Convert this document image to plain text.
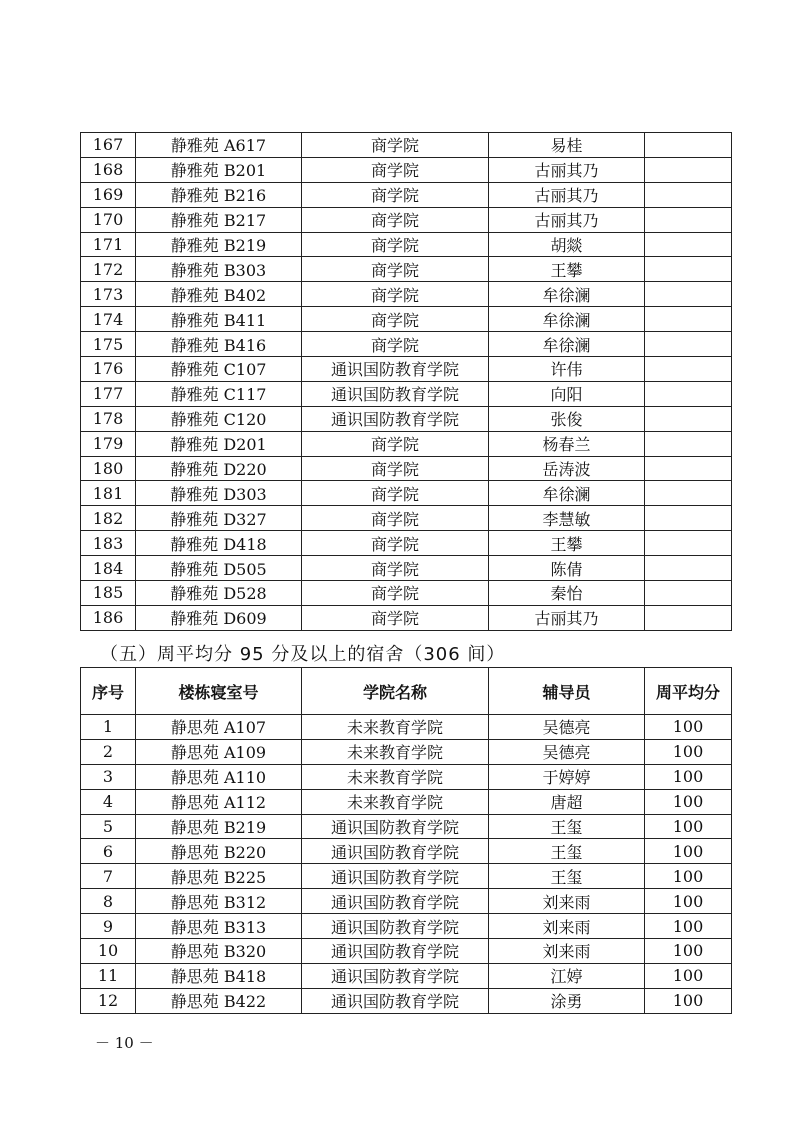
167	静雅苑 A617	商学院	易桂	
168	静雅苑 B201	商学院	古丽其乃	
169	静雅苑 B216	商学院	古丽其乃	
170	静雅苑 B217	商学院	古丽其乃	
171	静雅苑 B219	商学院	胡燚	
172	静雅苑 B303	商学院	王攀	
173	静雅苑 B402	商学院	牟徐澜	
174	静雅苑 B411	商学院	牟徐澜	
175	静雅苑 B416	商学院	牟徐澜	
176	静雅苑 C107	通识国防教育学院	许伟	
177	静雅苑 C117	通识国防教育学院	向阳	
178	静雅苑 C120	通识国防教育学院	张俊	
179	静雅苑 D201	商学院	杨春兰	
180	静雅苑 D220	商学院	岳涛波	
181	静雅苑 D303	商学院	牟徐澜	
182	静雅苑 D327	商学院	李慧敏	
183	静雅苑 D418	商学院	王攀	
184	静雅苑 D505	商学院	陈倩	
185	静雅苑 D528	商学院	秦怡	
186	静雅苑 D609	商学院	古丽其乃	
（五）周平均分 95 分及以上的宿舍（306 间）
序号	楼栋寝室号	学院名称	辅导员	周平均分
1	静思苑 A107	未来教育学院	吴德亮	100
2	静思苑 A109	未来教育学院	吴德亮	100
3	静思苑 A110	未来教育学院	于婷婷	100
4	静思苑 A112	未来教育学院	唐超	100
5	静思苑 B219	通识国防教育学院	王玺	100
6	静思苑 B220	通识国防教育学院	王玺	100
7	静思苑 B225	通识国防教育学院	王玺	100
8	静思苑 B312	通识国防教育学院	刘来雨	100
9	静思苑 B313	通识国防教育学院	刘来雨	100
10	静思苑 B320	通识国防教育学院	刘来雨	100
11	静思苑 B418	通识国防教育学院	江婷	100
12	静思苑 B422	通识国防教育学院	涂勇	100
－ 10 －
